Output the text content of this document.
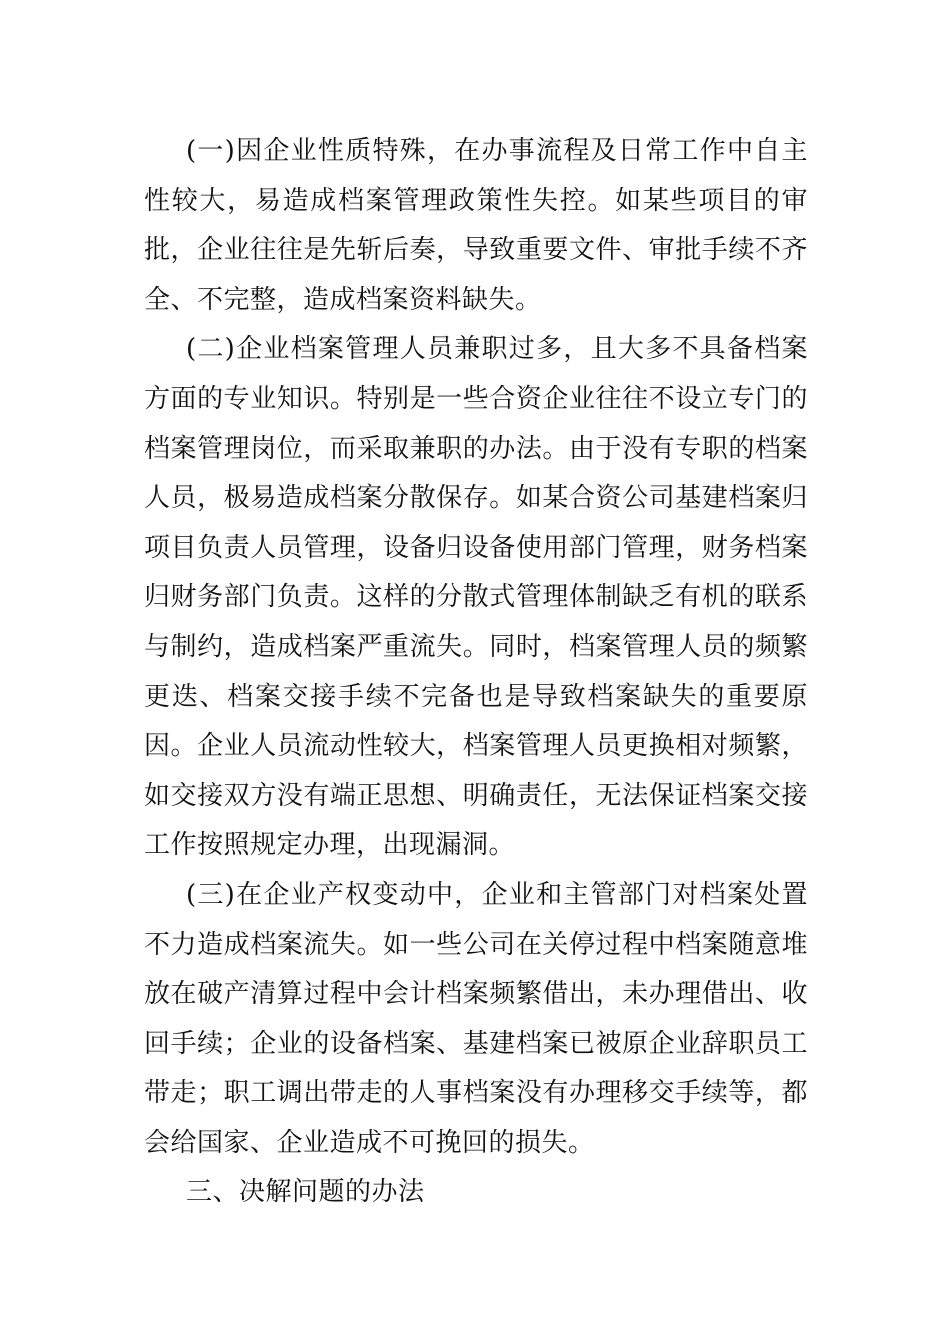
(一)因企业性质特殊，在办事流程及日常工作中自主性较大，易造成档案管理政策性失控。如某些项目的审批，企业往往是先斩后奏，导致重要文件、审批手续不齐全、不完整，造成档案资料缺失。

(二)企业档案管理人员兼职过多，且大多不具备档案方面的专业知识。特别是一些合资企业往往不设立专门的档案管理岗位，而采取兼职的办法。由于没有专职的档案人员，极易造成档案分散保存。如某合资公司基建档案归项目负责人员管理，设备归设备使用部门管理，财务档案归财务部门负责。这样的分散式管理体制缺乏有机的联系与制约，造成档案严重流失。同时，档案管理人员的频繁更迭、档案交接手续不完备也是导致档案缺失的重要原因。企业人员流动性较大，档案管理人员更换相对频繁，如交接双方没有端正思想、明确责任，无法保证档案交接工作按照规定办理，出现漏洞。

(三)在企业产权变动中，企业和主管部门对档案处置不力造成档案流失。如一些公司在关停过程中档案随意堆放在破产清算过程中会计档案频繁借出，未办理借出、收回手续；企业的设备档案、基建档案已被原企业辞职员工带走；职工调出带走的人事档案没有办理移交手续等，都会给国家、企业造成不可挽回的损失。

三、决解问题的办法
